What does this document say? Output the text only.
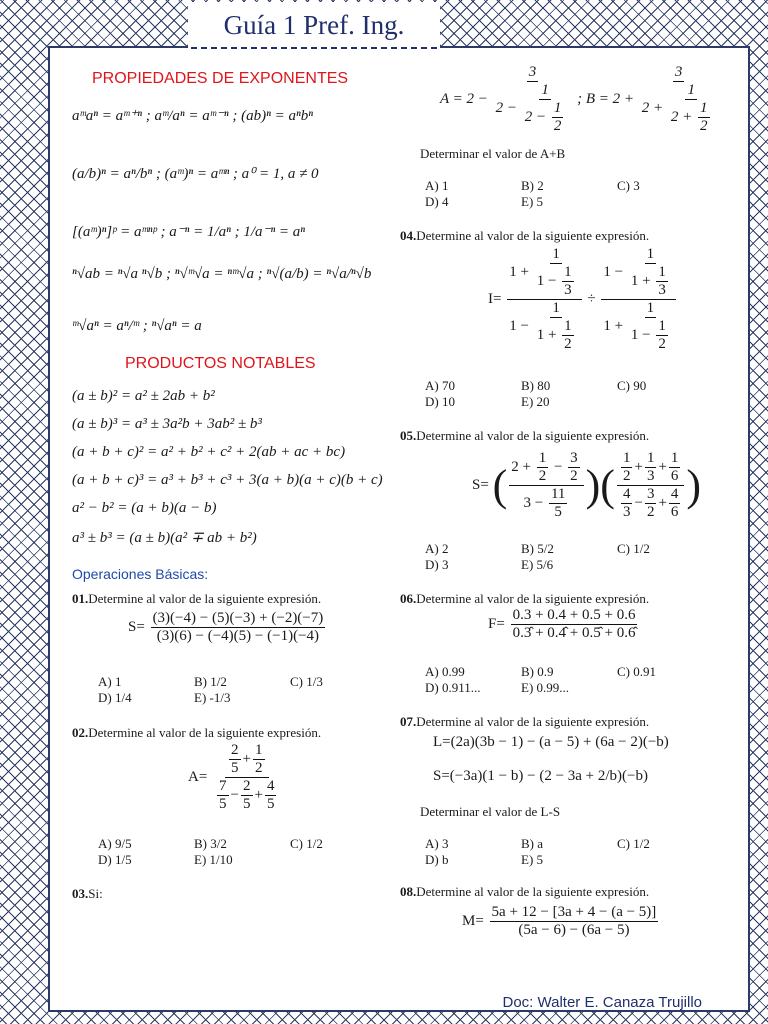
Guía 1 Pref. Ing.
PROPIEDADES DE EXPONENTES
aᵐaⁿ = aᵐ⁺ⁿ ; aᵐ/aⁿ = aᵐ⁻ⁿ ; (ab)ⁿ = aⁿbⁿ
(a/b)ⁿ = aⁿ/bⁿ ; (aᵐ)ⁿ = aᵐⁿ ; a⁰ = 1, a ≠ 0
[(aᵐ)ⁿ]ᵖ = aᵐⁿᵖ ; a⁻ⁿ = 1/aⁿ ; 1/a⁻ⁿ = aⁿ
ⁿ√ab = ⁿ√a ⁿ√b ; ⁿ√ᵐ√a = ⁿᵐ√a ; ⁿ√(a/b) = ⁿ√a/ⁿ√b
ᵐ√aⁿ = aⁿ/ᵐ ; ⁿ√aⁿ = a
PRODUCTOS NOTABLES
(a ± b)² = a² ± 2ab + b²
(a ± b)³ = a³ ± 3a²b + 3ab² ± b³
(a + b + c)² = a² + b² + c² + 2(ab + ac + bc)
(a + b + c)³ = a³ + b³ + c³ + 3(a + b)(a + c)(b + c)
a² − b² = (a + b)(a − b)
a³ ± b³ = (a ± b)(a² ∓ ab + b²)
Operaciones Básicas:
01.Determine al valor de la siguiente expresión.
$S= \frac{(3)(-4) - (5)(-3) + (-2)(-7)}{(3)(6) - (-4)(5) - (-1)(-4)}$
A) 1	B) 1/2	C) 1/3
D) 1/4	E) -1/3
02.Determine al valor de la siguiente expresión.
$A= \frac{\frac{2}{5} + \frac{1}{2}}{\frac{7}{5} - \frac{2}{5} + \frac{4}{5}}$
A) 9/5	B) 3/2	C) 1/2
D) 1/5	E) 1/10
03.Si:
$A = 2 - \frac{3}{2 - \frac{1}{2 - \frac{1}{2}}}$ ; $B = 2 + \frac{3}{2 + \frac{1}{2 + \frac{1}{2}}}$
Determinar el valor de A+B
A) 1	B) 2	C) 3
D) 4	E) 5
04.Determine al valor de la siguiente expresión.
$I= \frac{1 + \frac{1}{1 - \frac{1}{3}}}{1 - \frac{1}{1 + \frac{1}{2}}} \div \frac{1 - \frac{1}{1 + \frac{1}{3}}}{1 + \frac{1}{1 - \frac{1}{2}}}$
A) 70	B) 80	C) 90
D) 10	E) 20
05.Determine al valor de la siguiente expresión.
S= ( $\frac{2 + \frac{1}{2} - \frac{3}{2}}{3 - \frac{11}{5}}$ )( $\frac{\frac{1}{2} + \frac{1}{3} + \frac{1}{6}}{\frac{4}{3} - \frac{3}{2} + \frac{4}{6}}$ )
A) 2	B) 5/2	C) 1/2
D) 3	E) 5/6
06.Determine al valor de la siguiente expresión.
$F= \frac{0.3 + 0.4 + 0.5 + 0.6}{0.3̂ + 0.4̂ + 0.5̂ + 0.6̂}$
A) 0.99	B) 0.9	C) 0.91
D) 0.911...	E) 0.99...
07.Determine al valor de la siguiente expresión.
L=(2a)(3b − 1) − (a − 5) + (6a − 2)(−b)
S=(−3a)(1 − b) − (2 − 3a + 2/b)(−b)
Determinar el valor de L-S
A) 3	B) a	C) 1/2
D) b	E) 5
08.Determine al valor de la siguiente expresión.
$M= \frac{5a + 12 - [3a + 4 - (a - 5)]}{(5a - 6) - (6a - 5)}$
Doc: Walter E. Canaza Trujillo
